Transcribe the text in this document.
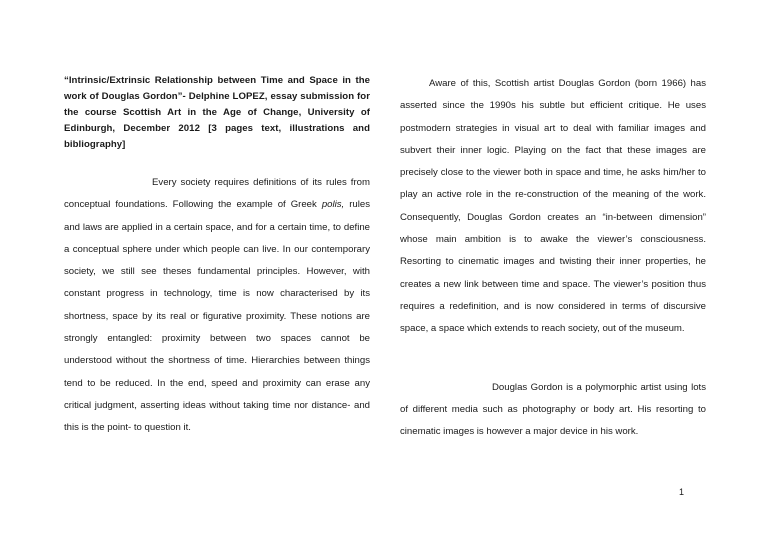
“Intrinsic/Extrinsic Relationship between Time and Space in the work of Douglas Gordon”- Delphine LOPEZ, essay submission for the course Scottish Art in the Age of Change, University of Edinburgh, December 2012 [3 pages text, illustrations and bibliography]

Every society requires definitions of its rules from conceptual foundations. Following the example of Greek polis, rules and laws are applied in a certain space, and for a certain time, to define a conceptual sphere under which people can live. In our contemporary society, we still see theses fundamental principles. However, with constant progress in technology, time is now characterised by its shortness, space by its real or figurative proximity. These notions are strongly entangled: proximity between two spaces cannot be understood without the shortness of time. Hierarchies between things tend to be reduced. In the end, speed and proximity can erase any critical judgment, asserting ideas without taking time nor distance- and this is the point- to question it.

Aware of this, Scottish artist Douglas Gordon (born 1966) has asserted since the 1990s his subtle but efficient critique. He uses postmodern strategies in visual art to deal with familiar images and subvert their inner logic. Playing on the fact that these images are precisely close to the viewer both in space and time, he asks him/her to play an active role in the re-construction of the meaning of the work. Consequently, Douglas Gordon creates an “in-between dimension” whose main ambition is to awake the viewer’s consciousness. Resorting to cinematic images and twisting their inner properties, he creates a new link between time and space. The viewer’s position thus requires a redefinition, and is now considered in terms of discursive space, a space which extends to reach society, out of the museum.

Douglas Gordon is a polymorphic artist using lots of different media such as photography or body art. His resorting to cinematic images is however a major device in his work.

1
